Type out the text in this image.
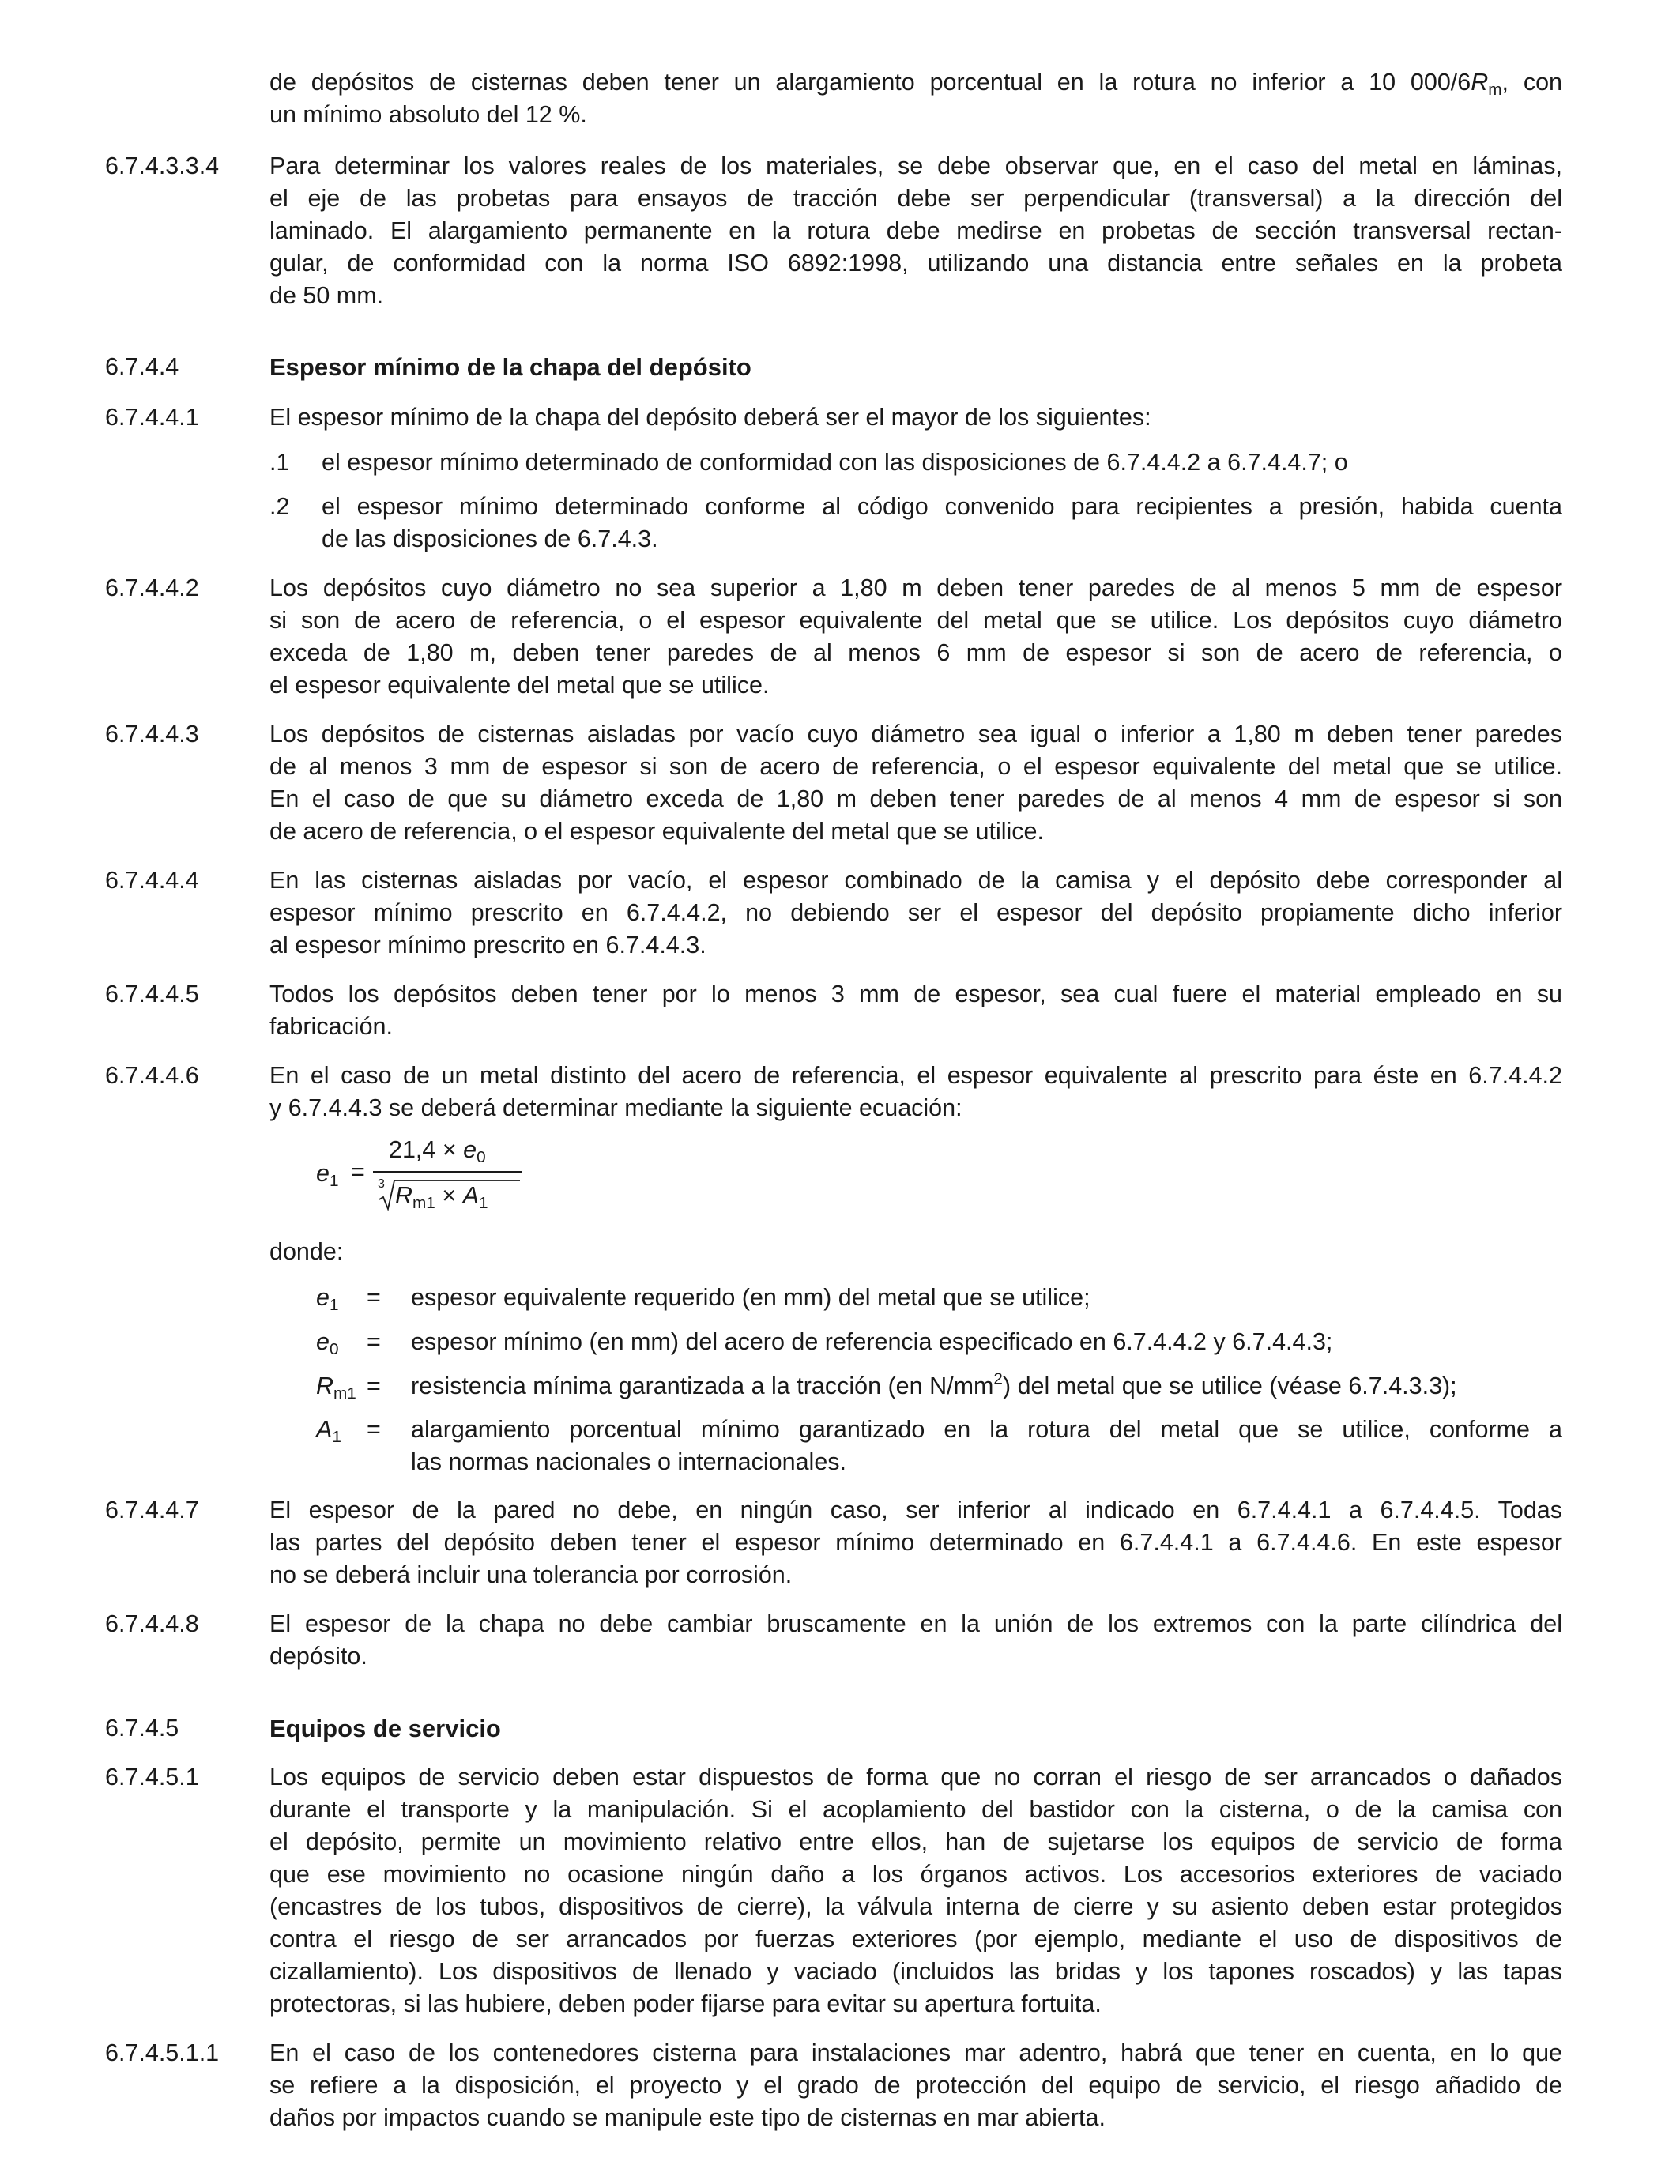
de depósitos de cisternas deben tener un alargamiento porcentual en la rotura no inferior a 10 $000/6R_m$, con
un mínimo absoluto del 12 %.
6.7.4.3.3.4 Para determinar los valores reales de los materiales, se debe observar que, en el caso del metal en láminas,
el eje de las probetas para ensayos de tracción debe ser perpendicular (transversal) a la dirección del
laminado. El alargamiento permanente en la rotura debe medirse en probetas de sección transversal rectan-
gular, de conformidad con la norma ISO 6892:1998, utilizando una distancia entre señales en la probeta
de 50 mm.
6.7.4.4	Espesor mínimo de la chapa del depósito
6.7.4.4.1	El espesor mínimo de la chapa del depósito deberá ser el mayor de los siguientes:
.1 el espesor mínimo determinado de conformidad con las disposiciones de 6.7.4.4.2 a 6.7.4.4.7; o
.2 el espesor mínimo determinado conforme al código convenido para recipientes a presión, habida cuenta
de las disposiciones de 6.7.4.3.
6.7.4.4.2	Los depósitos cuyo diámetro no sea superior a 1,80 m deben tener paredes de al menos 5 mm de espesor
si son de acero de referencia, o el espesor equivalente del metal que se utilice. Los depósitos cuyo diámetro
exceda de 1,80 m, deben tener paredes de al menos 6 mm de espesor si son de acero de referencia, o
el espesor equivalente del metal que se utilice.
6.7.4.4.3	Los depósitos de cisternas aisladas por vacío cuyo diámetro sea igual o inferior a 1,80 m deben tener paredes
de al menos 3 mm de espesor si son de acero de referencia, o el espesor equivalente del metal que se utilice.
En el caso de que su diámetro exceda de 1,80 m deben tener paredes de al menos 4 mm de espesor si son
de acero de referencia, o el espesor equivalente del metal que se utilice.
6.7.4.4.4	En las cisternas aisladas por vacío, el espesor combinado de la camisa y el depósito debe corresponder al
espesor mínimo prescrito en 6.7.4.4.2, no debiendo ser el espesor del depósito propiamente dicho inferior
al espesor mínimo prescrito en 6.7.4.4.3.
6.7.4.4.5	Todos los depósitos deben tener por lo menos 3 mm de espesor, sea cual fuere el material empleado en su
fabricación.
6.7.4.4.6	En el caso de un metal distinto del acero de referencia, el espesor equivalente al prescrito para éste en 6.7.4.4.2
y 6.7.4.4.3 se deberá determinar mediante la siguiente ecuación:
$e_1$ =
$21,4 \times e_0$
3 $R_{m1} \times A_1$
donde:
$e_1$ = espesor equivalente requerido (en mm) del metal que se utilice;
$e_0$ = espesor mínimo (en mm) del acero de referencia especificado en 6.7.4.4.2 y 6.7.4.4.3;
$R_{m1}$ = resistencia mínima garantizada a la tracción (en $N/mm^2$) del metal que se utilice (véase 6.7.4.3.3);
$A_1$ = alargamiento porcentual mínimo garantizado en la rotura del metal que se utilice, conforme a
las normas nacionales o internacionales.
6.7.4.4.7	El espesor de la pared no debe, en ningún caso, ser inferior al indicado en 6.7.4.4.1 a 6.7.4.4.5. Todas
las partes del depósito deben tener el espesor mínimo determinado en 6.7.4.4.1 a 6.7.4.4.6. En este espesor
no se deberá incluir una tolerancia por corrosión.
6.7.4.4.8	El espesor de la chapa no debe cambiar bruscamente en la unión de los extremos con la parte cilíndrica del
depósito.
6.7.4.5	Equipos de servicio
6.7.4.5.1	Los equipos de servicio deben estar dispuestos de forma que no corran el riesgo de ser arrancados o dañados
durante el transporte y la manipulación. Si el acoplamiento del bastidor con la cisterna, o de la camisa con
el depósito, permite un movimiento relativo entre ellos, han de sujetarse los equipos de servicio de forma
que ese movimiento no ocasione ningún daño a los órganos activos. Los accesorios exteriores de vaciado
(encastres de los tubos, dispositivos de cierre), la válvula interna de cierre y su asiento deben estar protegidos
contra el riesgo de ser arrancados por fuerzas exteriores (por ejemplo, mediante el uso de dispositivos de
cizallamiento). Los dispositivos de llenado y vaciado (incluidos las bridas y los tapones roscados) y las tapas
protectoras, si las hubiere, deben poder fijarse para evitar su apertura fortuita.
6.7.4.5.1.1 En el caso de los contenedores cisterna para instalaciones mar adentro, habrá que tener en cuenta, en lo que
se refiere a la disposición, el proyecto y el grado de protección del equipo de servicio, el riesgo añadido de
daños por impactos cuando se manipule este tipo de cisternas en mar abierta.
